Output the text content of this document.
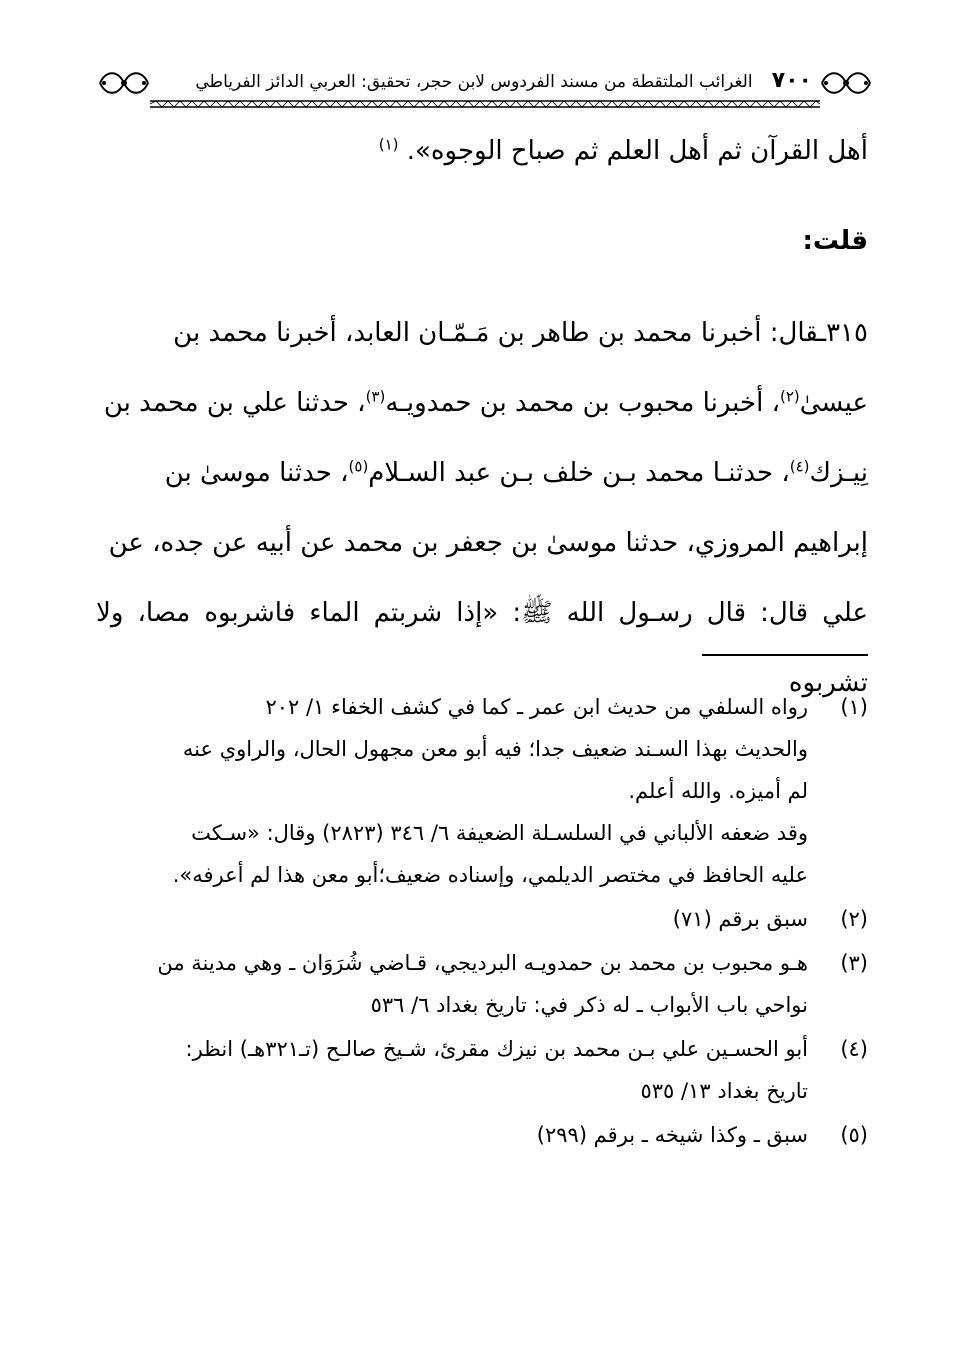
٧٠٠
الغرائب الملتقطة من مسند الفردوس لابن حجر، تحقيق: العربي الدائز الفرياطي

أهل القرآن ثم أهل العلم ثم صباح الوجوه». $^{(١)}$

قلت:

٣١٥ـقال: أخبرنا محمد بن طاهر بن مَـمّـان العابد، أخبرنا محمد بن

عيسىٰ$^{(٢)}$، أخبرنا محبوب بن محمد بن حمدويـه$^{(٣)}$، حدثنا علي بن محمد بن

نِيـزك$^{(٤)}$، حدثنـا محمد بـن خلف بـن عبد السـلام$^{(٥)}$، حدثنا موسىٰ بن

إبراهيم المروزي، حدثنا موسىٰ بن جعفر بن محمد عن أبيه عن جده، عن

علي قال: قال رسـول الله ﷺ: «إذا شربتم الماء فاشربوه مصا، ولا تشربوه

(١)
رواه السلفي من حديث ابن عمر ـ كما في كشف الخفاء ١/ ٢٠٢
والحديث بهذا السـند ضعيف جدا؛ فيه أبو معن مجهول الحال، والراوي عنه
لم أميزه. والله أعلم.
وقد ضعفه الألباني في السلسـلة الضعيفة ٦/ ٣٤٦ (٢٨٢٣) وقال: «سـكت
عليه الحافظ في مختصر الديلمي، وإسناده ضعيف؛أبو معن هذا لم أعرفه».
(٢)
سبق برقم (٧١)
(٣)
هـو محبوب بن محمد بن حمدويـه البرديجي، قـاضي شُرَوَان ـ وهي مدينة من
نواحي باب الأبواب ـ له ذكر في: تاريخ بغداد ٦/ ٥٣٦
(٤)
أبو الحسـين علي بـن محمد بن نيزك مقرئ، شـيخ صالـح (تـ٣٢١هـ) انظر:
تاريخ بغداد ١٣/ ٥٣٥
(٥)
سبق ـ وكذا شيخه ـ برقم (٢٩٩)
